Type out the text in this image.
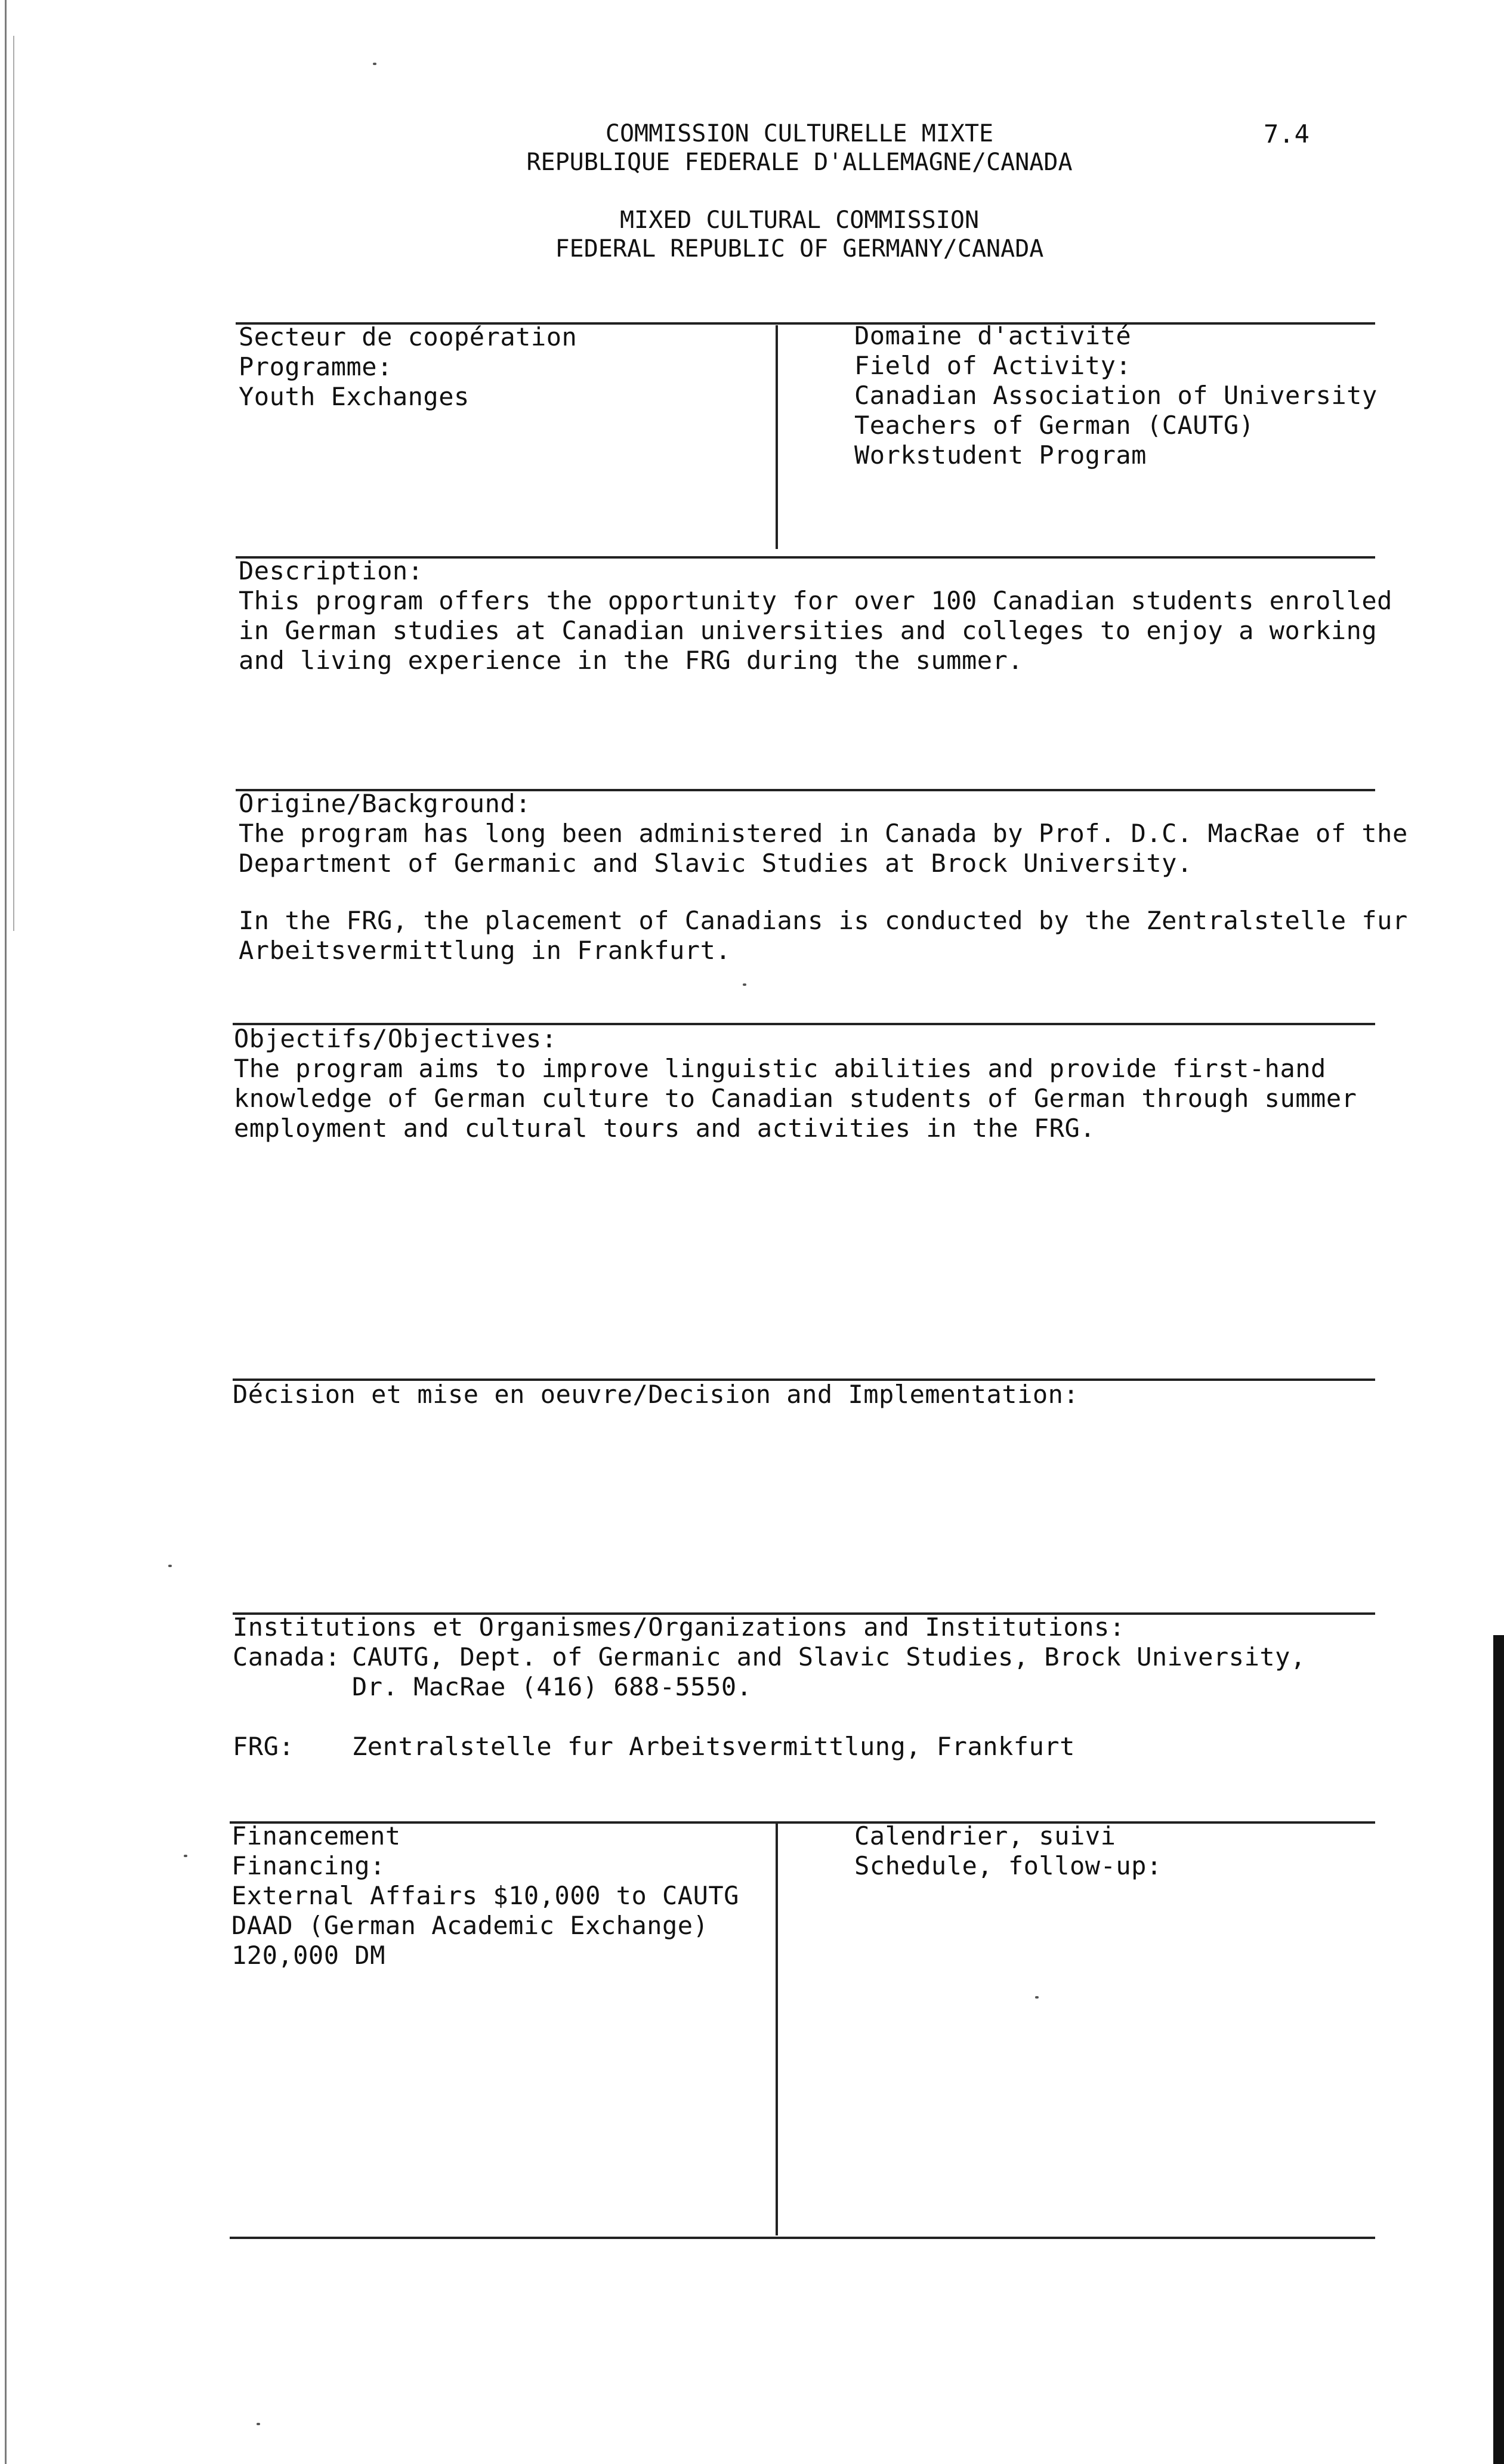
COMMISSION CULTURELLE MIXTE
REPUBLIQUE FEDERALE D'ALLEMAGNE/CANADA
7.4
MIXED CULTURAL COMMISSION
FEDERAL REPUBLIC OF GERMANY/CANADA
Secteur de coopération
Programme:
Youth Exchanges
Domaine d'activité
Field of Activity:
Canadian Association of University
Teachers of German (CAUTG)
Workstudent Program
Description:
This program offers the opportunity for over 100 Canadian students enrolled
in German studies at Canadian universities and colleges to enjoy a working
and living experience in the FRG during the summer.
Origine/Background:
The program has long been administered in Canada by Prof. D.C. MacRae of the
Department of Germanic and Slavic Studies at Brock University.
In the FRG, the placement of Canadians is conducted by the Zentralstelle fur
Arbeitsvermittlung in Frankfurt.
Objectifs/Objectives:
The program aims to improve linguistic abilities and provide first-hand
knowledge of German culture to Canadian students of German through summer
employment and cultural tours and activities in the FRG.
Décision et mise en oeuvre/Decision and Implementation:
Institutions et Organismes/Organizations and Institutions:
Canada: CAUTG, Dept. of Germanic and Slavic Studies, Brock University,
Dr. MacRae (416) 688-5550.
FRG: Zentralstelle fur Arbeitsvermittlung, Frankfurt
Financement
Financing:
External Affairs $10,000 to CAUTG
DAAD (German Academic Exchange)
120,000 DM
Calendrier, suivi
Schedule, follow-up:
